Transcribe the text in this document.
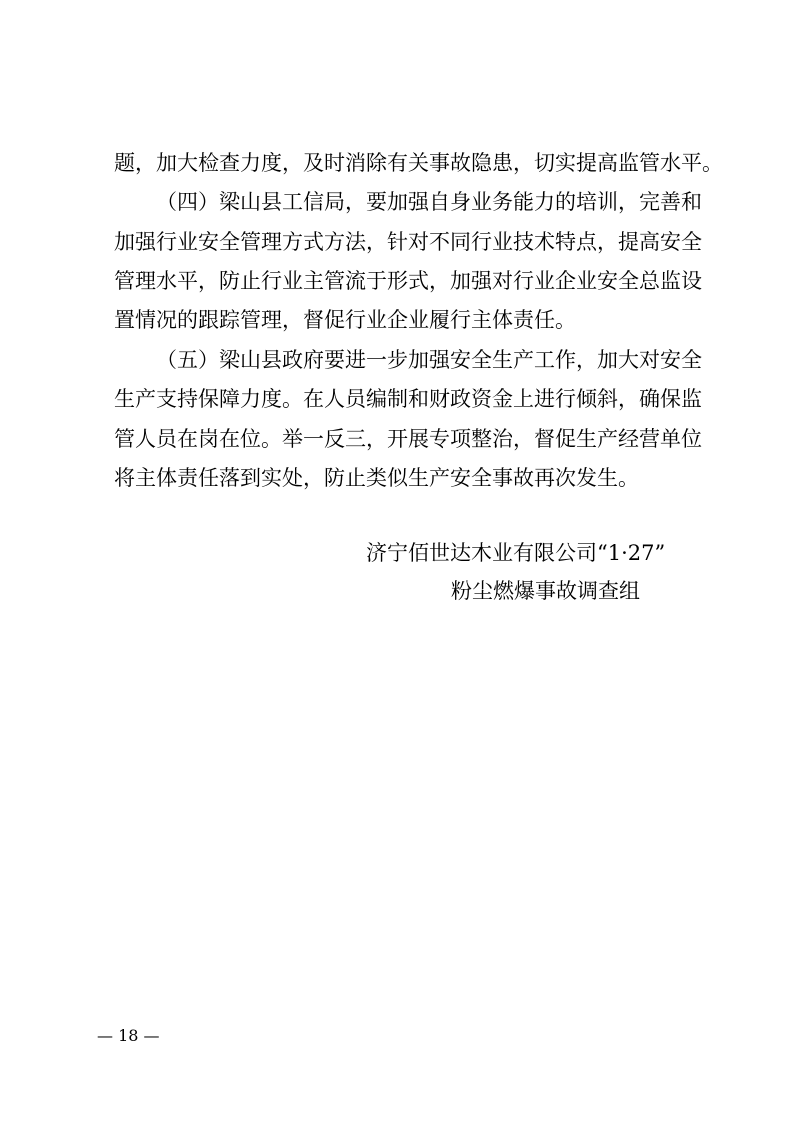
题，加大检查力度，及时消除有关事故隐患，切实提高监管水平。
（四）梁山县工信局，要加强自身业务能力的培训，完善和
加强行业安全管理方式方法，针对不同行业技术特点，提高安全
管理水平，防止行业主管流于形式，加强对行业企业安全总监设
置情况的跟踪管理，督促行业企业履行主体责任。
（五）梁山县政府要进一步加强安全生产工作，加大对安全
生产支持保障力度。在人员编制和财政资金上进行倾斜，确保监
管人员在岗在位。举一反三，开展专项整治，督促生产经营单位
将主体责任落到实处，防止类似生产安全事故再次发生。
济宁佰世达木业有限公司“1·27”
粉尘燃爆事故调查组
— 18 —
